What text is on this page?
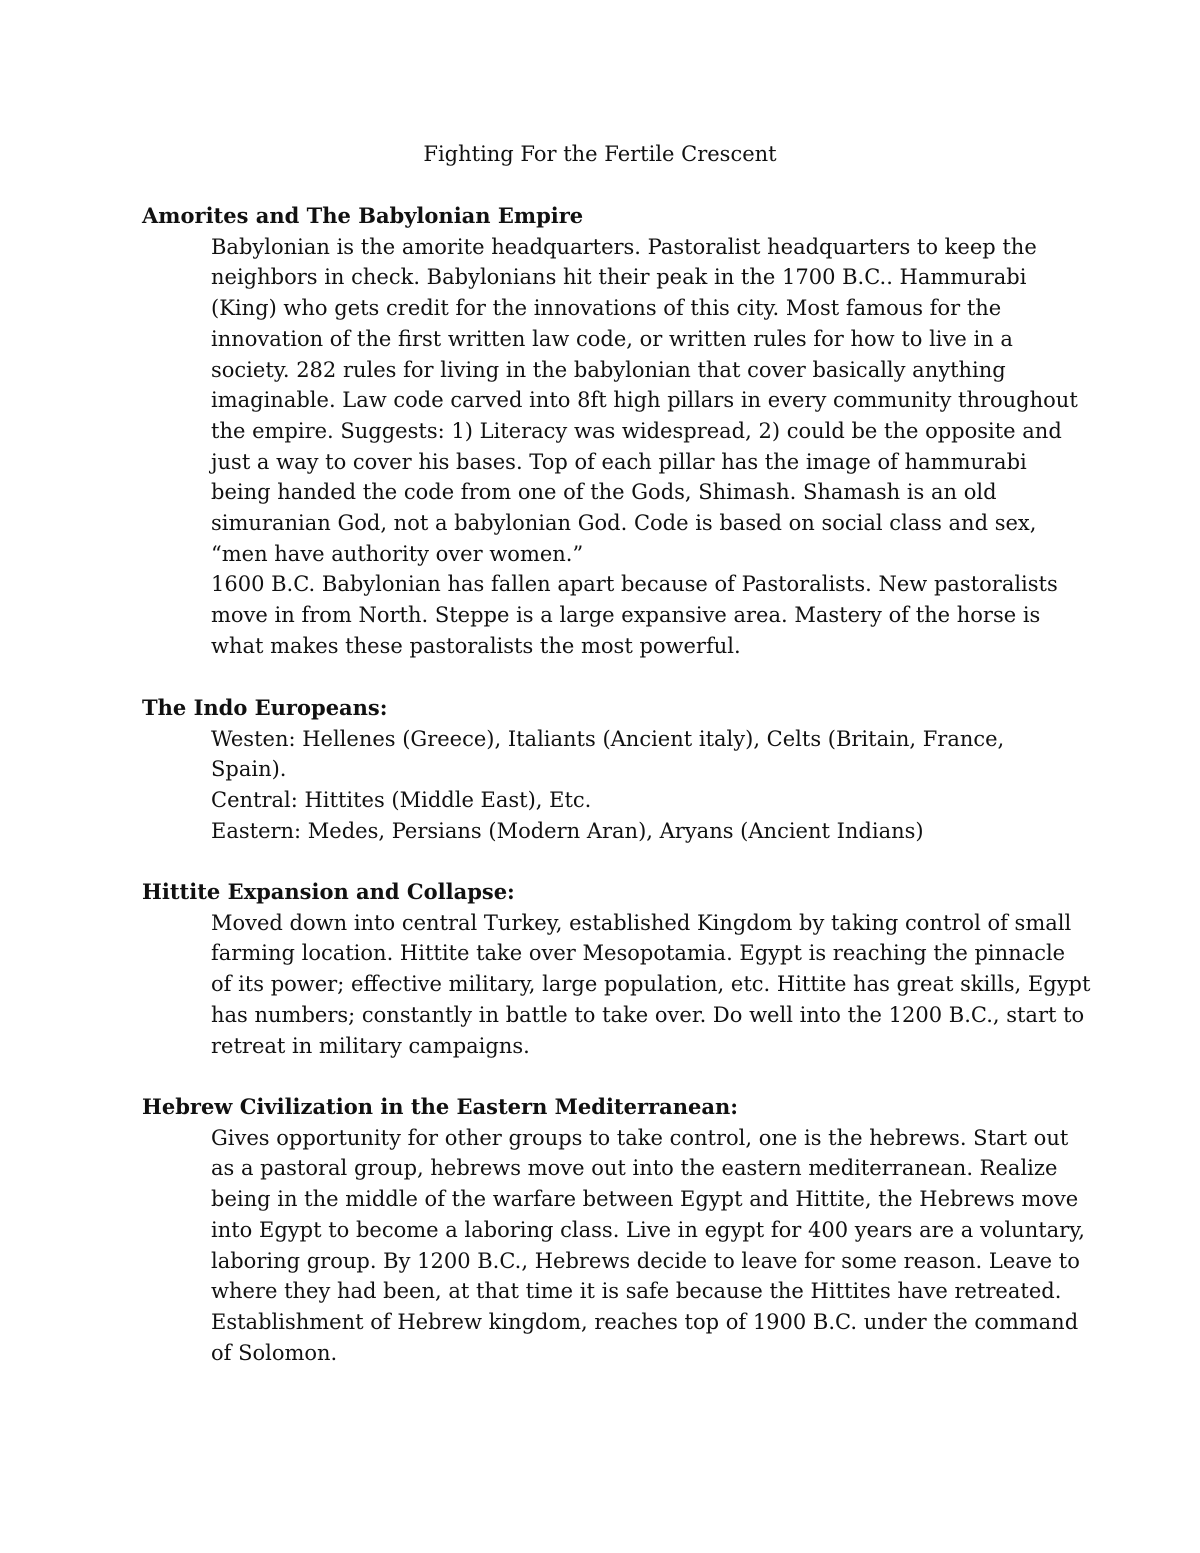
Fighting For the Fertile Crescent
Amorites and The Babylonian Empire

Babylonian is the amorite headquarters. Pastoralist headquarters to keep the
neighbors in check. Babylonians hit their peak in the 1700 B.C.. Hammurabi
(King) who gets credit for the innovations of this city. Most famous for the
innovation of the first written law code, or written rules for how to live in a
society. 282 rules for living in the babylonian that cover basically anything
imaginable. Law code carved into 8ft high pillars in every community throughout
the empire. Suggests: 1) Literacy was widespread, 2) could be the opposite and
just a way to cover his bases. Top of each pillar has the image of hammurabi
being handed the code from one of the Gods, Shimash. Shamash is an old
simuranian God, not a babylonian God. Code is based on social class and sex,
“men have authority over women.”

1600 B.C. Babylonian has fallen apart because of Pastoralists. New pastoralists
move in from North. Steppe is a large expansive area. Mastery of the horse is
what makes these pastoralists the most powerful.

The Indo Europeans:

Westen: Hellenes (Greece), Italiants (Ancient italy), Celts (Britain, France,
Spain).

Central: Hittites (Middle East), Etc.

Eastern: Medes, Persians (Modern Aran), Aryans (Ancient Indians)

Hittite Expansion and Collapse:

Moved down into central Turkey, established Kingdom by taking control of small
farming location. Hittite take over Mesopotamia. Egypt is reaching the pinnacle
of its power; effective military, large population, etc. Hittite has great skills, Egypt
has numbers; constantly in battle to take over. Do well into the 1200 B.C., start to
retreat in military campaigns.

Hebrew Civilization in the Eastern Mediterranean:

Gives opportunity for other groups to take control, one is the hebrews. Start out
as a pastoral group, hebrews move out into the eastern mediterranean. Realize
being in the middle of the warfare between Egypt and Hittite, the Hebrews move
into Egypt to become a laboring class. Live in egypt for 400 years are a voluntary,
laboring group. By 1200 B.C., Hebrews decide to leave for some reason. Leave to
where they had been, at that time it is safe because the Hittites have retreated.
Establishment of Hebrew kingdom, reaches top of 1900 B.C. under the command
of Solomon.
